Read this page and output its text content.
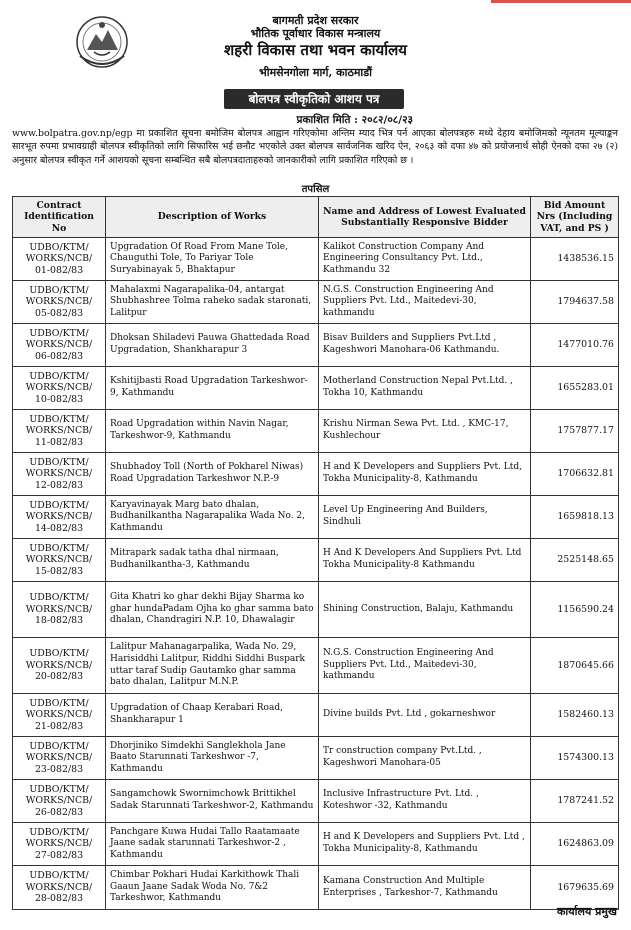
बागमती प्रदेश सरकार
भौतिक पूर्वाधार विकास मन्त्रालय
शहरी विकास तथा भवन कार्यालय
भीमसेनगोला मार्ग, काठमाडौं
बोलपत्र स्वीकृतिको आशय पत्र
प्रकाशित मिति : २०८२/०८/२३
www.bolpatra.gov.np/egp मा प्रकाशित सूचना बमोजिम बोलपत्र आह्वान गरिएकोमा अन्तिम म्याद भित्र पर्न आएका बोलपत्रहरु मध्ये देहाय बमोजिमको न्यूनतम मूल्याङ्कन सारभूत रुपमा प्रभावग्राही बोलपत्र स्वीकृतिको लागि सिफारिस भई छनौट भएकोले उक्त बोलपत्र सार्वजनिक खरिद ऐन, २०६३ को दफा ४७ को प्रयोजनार्थ सोही ऐनको दफा २७ (२) अनुसार बोलपत्र स्वीकृत गर्ने आशयको सूचना सम्बन्धित सबै बोलपत्रदाताहरुको जानकारीको लागि प्रकाशित गरिएको छ ।
तपसिल
Contract Identification No	Description of Works	Name and Address of Lowest Evaluated Substantially Responsive Bidder	Bid Amount Nrs (Including VAT, and PS )
UDBO/KTM/ WORKS/NCB/ 01-082/83	Upgradation Of Road From Mane Tole, Chauguthi Tole, To Pariyar Tole Suryabinayak 5, Bhaktapur	Kalikot Construction Company And Engineering Consultancy Pvt. Ltd., Kathmandu 32	1438536.15
UDBO/KTM/ WORKS/NCB/ 05-082/83	Mahalaxmi Nagarapalika-04, antargat Shubhashree Tolma raheko sadak staronati, Lalitpur	N.G.S. Construction Engineering And Suppliers Pvt. Ltd., Maitedevi-30, kathmandu	1794637.58
UDBO/KTM/ WORKS/NCB/ 06-082/83	Dhoksan Shiladevi Pauwa Ghattedada Road Upgradation, Shankharapur 3	Bisav Builders and Suppliers Pvt.Ltd , Kageshwori Manohara-06 Kathmandu.	1477010.76
UDBO/KTM/ WORKS/NCB/ 10-082/83	Kshitijbasti Road Upgradation Tarkeshwor-9, Kathmandu	Motherland Construction Nepal Pvt.Ltd. , Tokha 10, Kathmandu	1655283.01
UDBO/KTM/ WORKS/NCB/ 11-082/83	Road Upgradation within Navin Nagar, Tarkeshwor-9, Kathmandu	Krishu Nirman Sewa Pvt. Ltd. , KMC-17, Kushlechour	1757877.17
UDBO/KTM/ WORKS/NCB/ 12-082/83	Shubhadoy Toll (North of Pokharel Niwas) Road Upgradation Tarkeshwor N.P.-9	H and K Developers and Suppliers Pvt. Ltd, Tokha Municipality-8, Kathmandu	1706632.81
UDBO/KTM/ WORKS/NCB/ 14-082/83	Karyavinayak Marg bato dhalan, Budhanilkantha Nagarapalika Wada No. 2, Kathmandu	Level Up Engineering And Builders, Sindhuli	1659818.13
UDBO/KTM/ WORKS/NCB/ 15-082/83	Mitrapark sadak tatha dhal nirmaan, Budhanilkantha-3, Kathmandu	H And K Developers And Suppliers Pvt. Ltd Tokha Municipality-8 Kathmandu	2525148.65
UDBO/KTM/ WORKS/NCB/ 18-082/83	Gita Khatri ko ghar dekhi Bijay Sharma ko ghar hundaPadam Ojha ko ghar samma bato dhalan, Chandragiri N.P. 10, Dhawalagir	Shining Construction, Balaju, Kathmandu	1156590.24
UDBO/KTM/ WORKS/NCB/ 20-082/83	Lalitpur Mahanagarpalika, Wada No. 29, Harisiddhi Lalitpur, Riddhi Siddhi Buspark uttar taraf Sudip Gautamko ghar samma bato dhalan, Lalitpur M.N.P.	N.G.S. Construction Engineering And Suppliers Pvt. Ltd., Maitedevi-30, kathmandu	1870645.66
UDBO/KTM/ WORKS/NCB/ 21-082/83	Upgradation of Chaap Kerabari Road, Shankharapur 1	Divine builds Pvt. Ltd , gokarneshwor	1582460.13
UDBO/KTM/ WORKS/NCB/ 23-082/83	Dhorjiniko Simdekhi Sanglekhola Jane Baato Starunnati Tarkeshwor -7, Kathmandu	Tr construction company Pvt.Ltd. , Kageshwori Manohara-05	1574300.13
UDBO/KTM/ WORKS/NCB/ 26-082/83	Sangamchowk Swornimchowk Brittikhel Sadak Starunnati Tarkeshwor-2, Kathmandu	Inclusive Infrastructure Pvt. Ltd. , Koteshwor -32, Kathmandu	1787241.52
UDBO/KTM/ WORKS/NCB/ 27-082/83	Panchgare Kuwa Hudai Tallo Raatamaate Jaane sadak starunnati Tarkeshwor-2 , Kathmandu	H and K Developers and Suppliers Pvt. Ltd , Tokha Municipality-8, Kathmandu	1624863.09
UDBO/KTM/ WORKS/NCB/ 28-082/83	Chimbar Pokhari Hudai Karkithowk Thali Gaaun Jaane Sadak Woda No. 7&2 Tarkeshwor, Kathmandu	Kamana Construction And Multiple Enterprises , Tarkeshor-7, Kathmandu	1679635.69
कार्यालय प्रमुख
